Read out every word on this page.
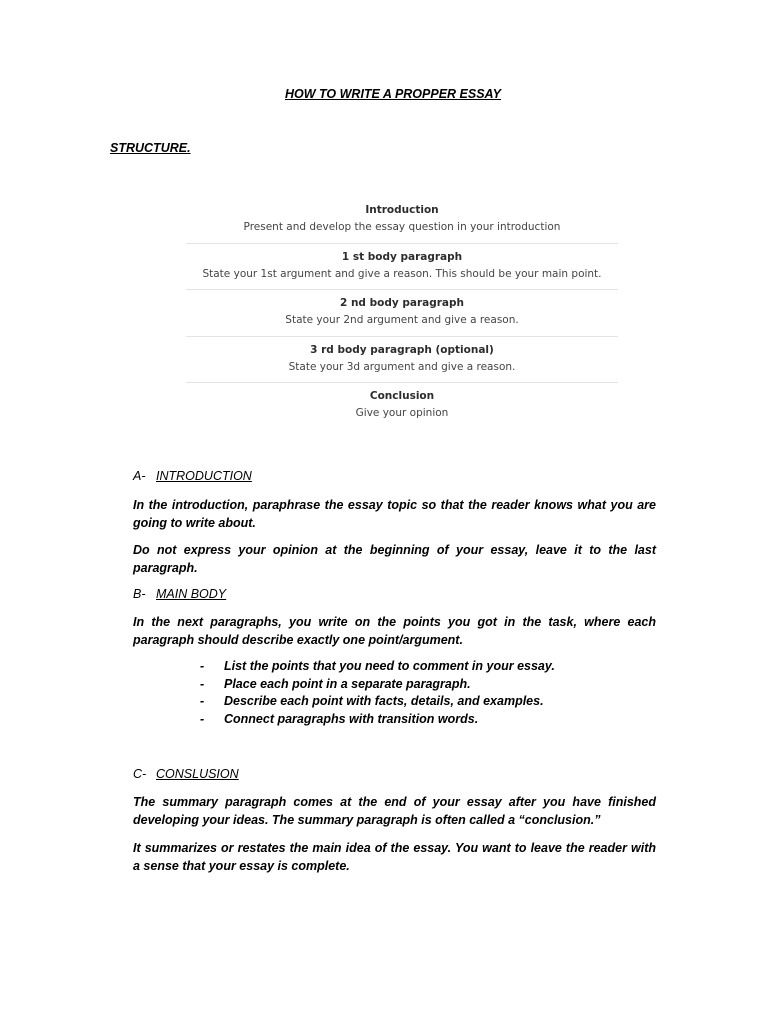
HOW TO WRITE A PROPPER ESSAY
STRUCTURE.
Introduction
Present and develop the essay question in your introduction
1 st body paragraph
State your 1st argument and give a reason. This should be your main point.
2 nd body paragraph
State your 2nd argument and give a reason.
3 rd body paragraph (optional)
State your 3d argument and give a reason.
Conclusion
Give your opinion
A- INTRODUCTION
In the introduction, paraphrase the essay topic so that the reader knows what you are going to write about.
Do not express your opinion at the beginning of your essay, leave it to the last paragraph.
B- MAIN BODY
In the next paragraphs, you write on the points you got in the task, where each paragraph should describe exactly one point/argument.
-	List the points that you need to comment in your essay.
-	Place each point in a separate paragraph.
-	Describe each point with facts, details, and examples.
-	Connect paragraphs with transition words.
C- CONSLUSION
The summary paragraph comes at the end of your essay after you have finished developing your ideas. The summary paragraph is often called a “conclusion.”
It summarizes or restates the main idea of the essay. You want to leave the reader with a sense that your essay is complete.
